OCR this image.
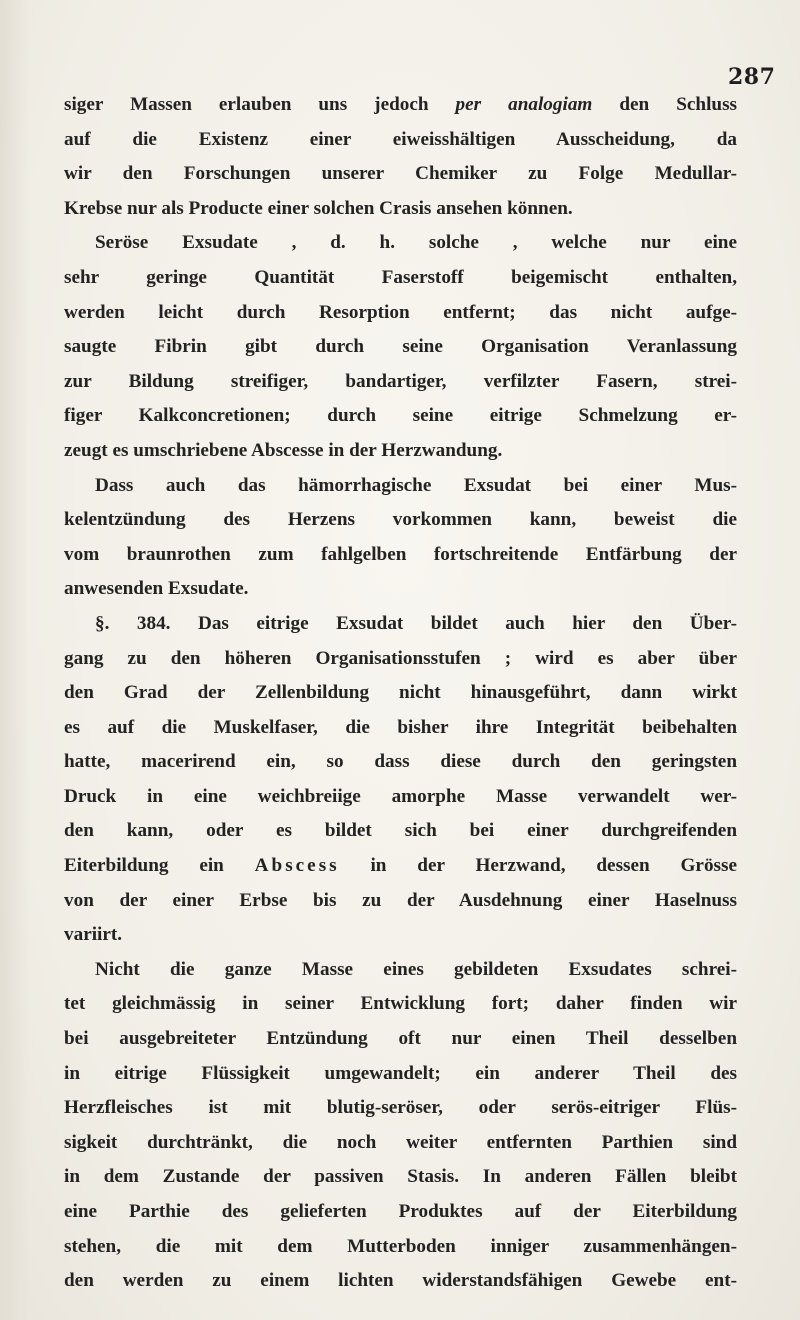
287
siger Massen erlauben uns jedoch per analogiam den Schluss
auf die Existenz einer eiweisshältigen Ausscheidung, da
wir den Forschungen unserer Chemiker zu Folge Medullar-
Krebse nur als Producte einer solchen Crasis ansehen können.
Seröse Exsudate , d. h. solche , welche nur eine
sehr geringe Quantität Faserstoff beigemischt enthalten,
werden leicht durch Resorption entfernt; das nicht aufge-
saugte Fibrin gibt durch seine Organisation Veranlassung
zur Bildung streifiger, bandartiger, verfilzter Fasern, strei-
figer Kalkconcretionen; durch seine eitrige Schmelzung er-
zeugt es umschriebene Abscesse in der Herzwandung.
Dass auch das hämorrhagische Exsudat bei einer Mus-
kelentzündung des Herzens vorkommen kann, beweist die
vom braunrothen zum fahlgelben fortschreitende Entfärbung der
anwesenden Exsudate.
§. 384. Das eitrige Exsudat bildet auch hier den Über-
gang zu den höheren Organisationsstufen ; wird es aber über
den Grad der Zellenbildung nicht hinausgeführt, dann wirkt
es auf die Muskelfaser, die bisher ihre Integrität beibehalten
hatte, macerirend ein, so dass diese durch den geringsten
Druck in eine weichbreiige amorphe Masse verwandelt wer-
den kann, oder es bildet sich bei einer durchgreifenden
Eiterbildung ein Abscess in der Herzwand, dessen Grösse
von der einer Erbse bis zu der Ausdehnung einer Haselnuss
variirt.
Nicht die ganze Masse eines gebildeten Exsudates schrei-
tet gleichmässig in seiner Entwicklung fort; daher finden wir
bei ausgebreiteter Entzündung oft nur einen Theil desselben
in eitrige Flüssigkeit umgewandelt; ein anderer Theil des
Herzfleisches ist mit blutig-seröser, oder serös-eitriger Flüs-
sigkeit durchtränkt, die noch weiter entfernten Parthien sind
in dem Zustande der passiven Stasis. In anderen Fällen bleibt
eine Parthie des gelieferten Produktes auf der Eiterbildung
stehen, die mit dem Mutterboden inniger zusammenhängen-
den werden zu einem lichten widerstandsfähigen Gewebe ent-
